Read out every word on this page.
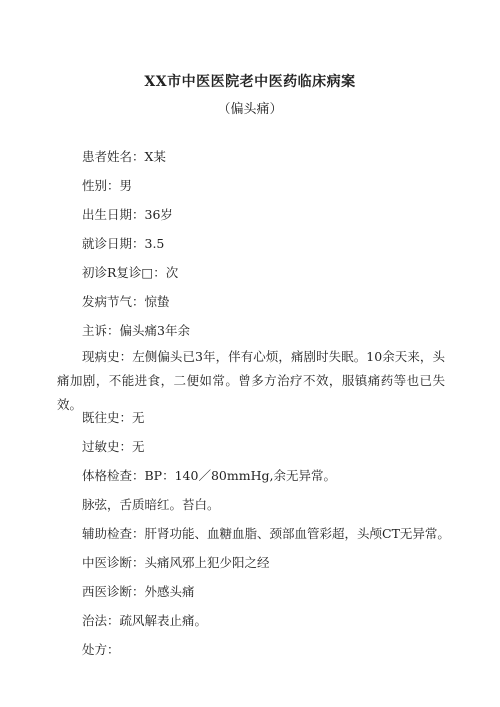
XX市中医医院老中医药临床病案
（偏头痛）
患者姓名：X某
性别：男
出生日期：36岁
就诊日期：3.5
初诊R复诊□：次
发病节气：惊蛰
主诉：偏头痛3年余
现病史：左侧偏头已3年，伴有心烦，痛剧时失眠。10余天来，头痛加剧，不能进食，二便如常。曾多方治疗不效，服镇痛药等也已失效。
既往史：无
过敏史：无
体格检查：BP：140／80mmHg,余无异常。
脉弦，舌质暗红。苔白。
辅助检查：肝肾功能、血糖血脂、颈部血管彩超，头颅CT无异常。
中医诊断：头痛风邪上犯少阳之经
西医诊断：外感头痛
治法：疏风解表止痛。
处方：
